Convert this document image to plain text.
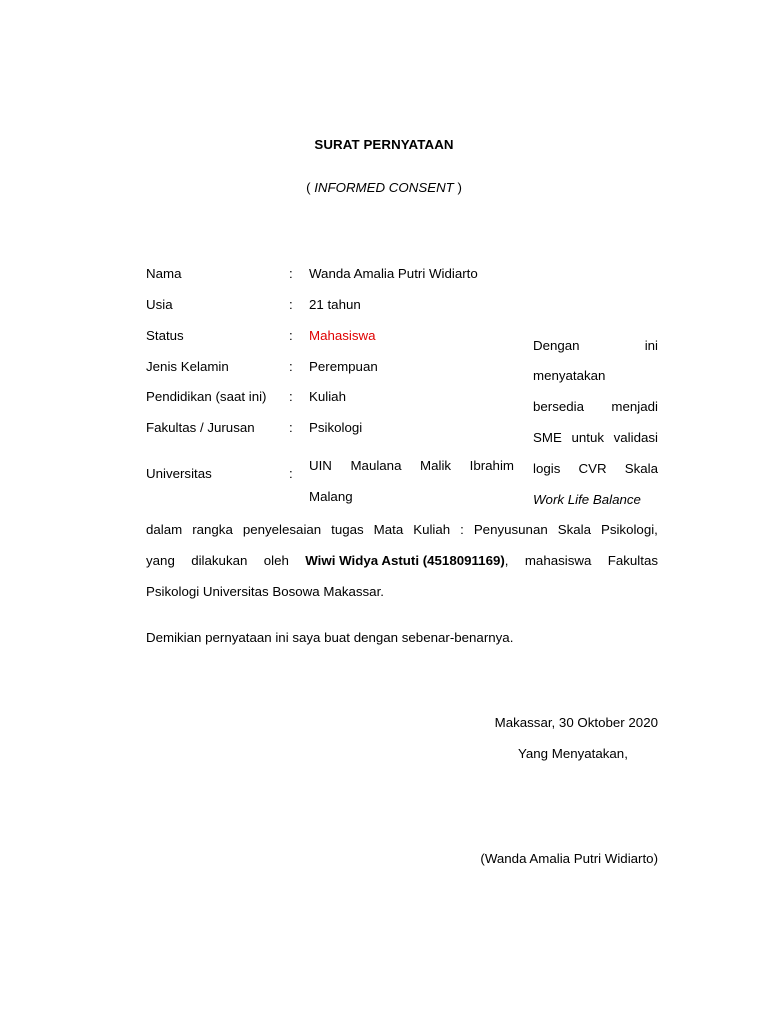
SURAT PERNYATAAN
( INFORMED CONSENT )
Nama	: Wanda Amalia Putri Widiarto
Usia	: 21 tahun
Status	: Mahasiswa
Jenis Kelamin	: Perempuan
Pendidikan (saat ini) : Kuliah
Fakultas / Jurusan	: Psikologi
Universitas	:
UIN Maulana Malik Ibrahim
Malang
Dengan	ini
menyatakan
bersedia menjadi
SME untuk validasi
logis CVR Skala
Work Life Balance
dalam rangka penyelesaian tugas Mata Kuliah : Penyusunan Skala Psikologi,
yang dilakukan oleh Wiwi Widya Astuti (4518091169), mahasiswa Fakultas
Psikologi Universitas Bosowa Makassar.
Demikian pernyataan ini saya buat dengan sebenar-benarnya.
Makassar, 30 Oktober 2020
Yang Menyatakan,
(Wanda Amalia Putri Widiarto)
